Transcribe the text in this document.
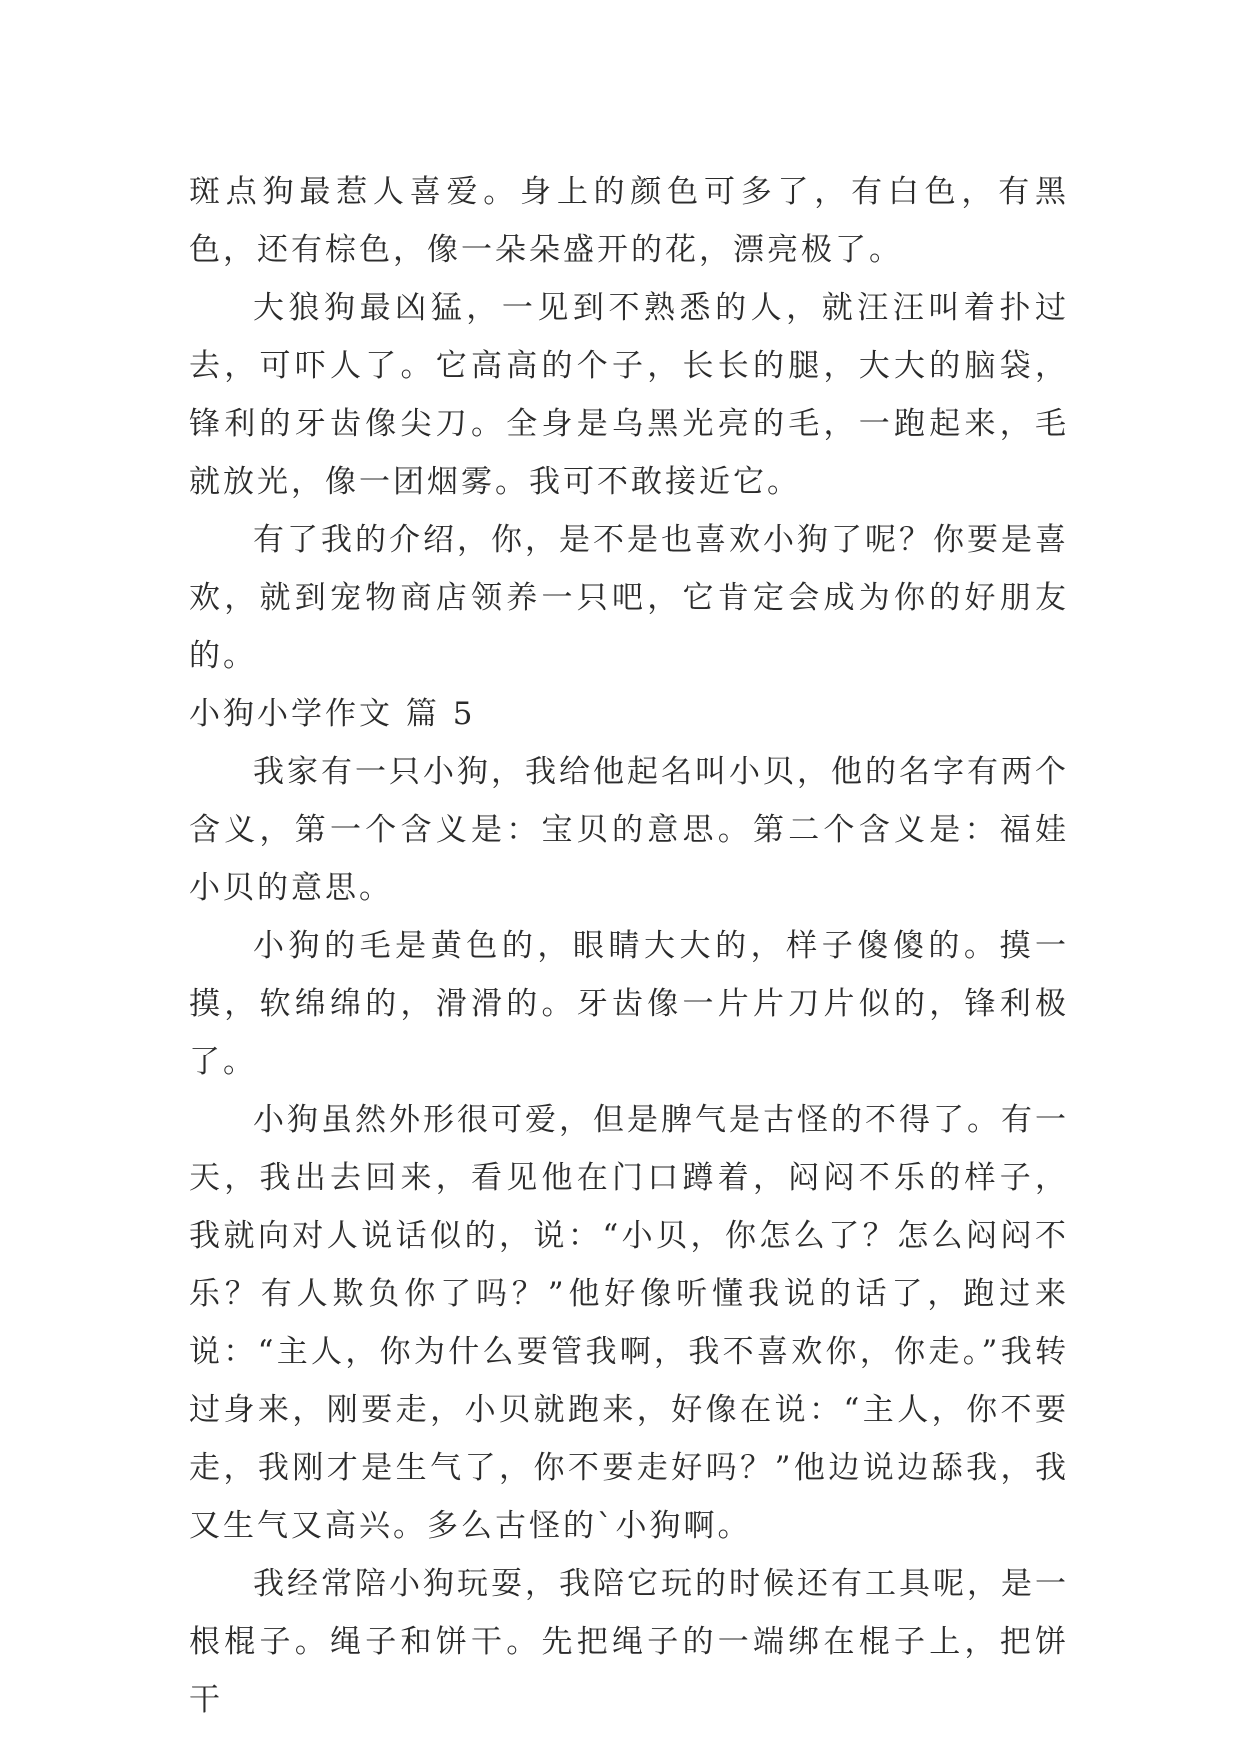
斑点狗最惹人喜爱。身上的颜色可多了，有白色，有黑色，还有棕色，像一朵朵盛开的花，漂亮极了。

大狼狗最凶猛，一见到不熟悉的人，就汪汪叫着扑过去，可吓人了。它高高的个子，长长的腿，大大的脑袋，锋利的牙齿像尖刀。全身是乌黑光亮的毛，一跑起来，毛就放光，像一团烟雾。我可不敢接近它。

有了我的介绍，你，是不是也喜欢小狗了呢？你要是喜欢，就到宠物商店领养一只吧，它肯定会成为你的好朋友的。

小狗小学作文 篇 5

我家有一只小狗，我给他起名叫小贝，他的名字有两个含义，第一个含义是：宝贝的意思。第二个含义是：福娃小贝的意思。

小狗的毛是黄色的，眼睛大大的，样子傻傻的。摸一摸，软绵绵的，滑滑的。牙齿像一片片刀片似的，锋利极了。

小狗虽然外形很可爱，但是脾气是古怪的不得了。有一天，我出去回来，看见他在门口蹲着，闷闷不乐的样子，我就向对人说话似的，说：“小贝，你怎么了？怎么闷闷不乐？有人欺负你了吗？”他好像听懂我说的话了，跑过来说：“主人，你为什么要管我啊，我不喜欢你，你走。”我转过身来，刚要走，小贝就跑来，好像在说：“主人，你不要走，我刚才是生气了，你不要走好吗？”他边说边舔我，我又生气又高兴。多么古怪的`小狗啊。

我经常陪小狗玩耍，我陪它玩的时候还有工具呢，是一根棍子。绳子和饼干。先把绳子的一端绑在棍子上，把饼干
